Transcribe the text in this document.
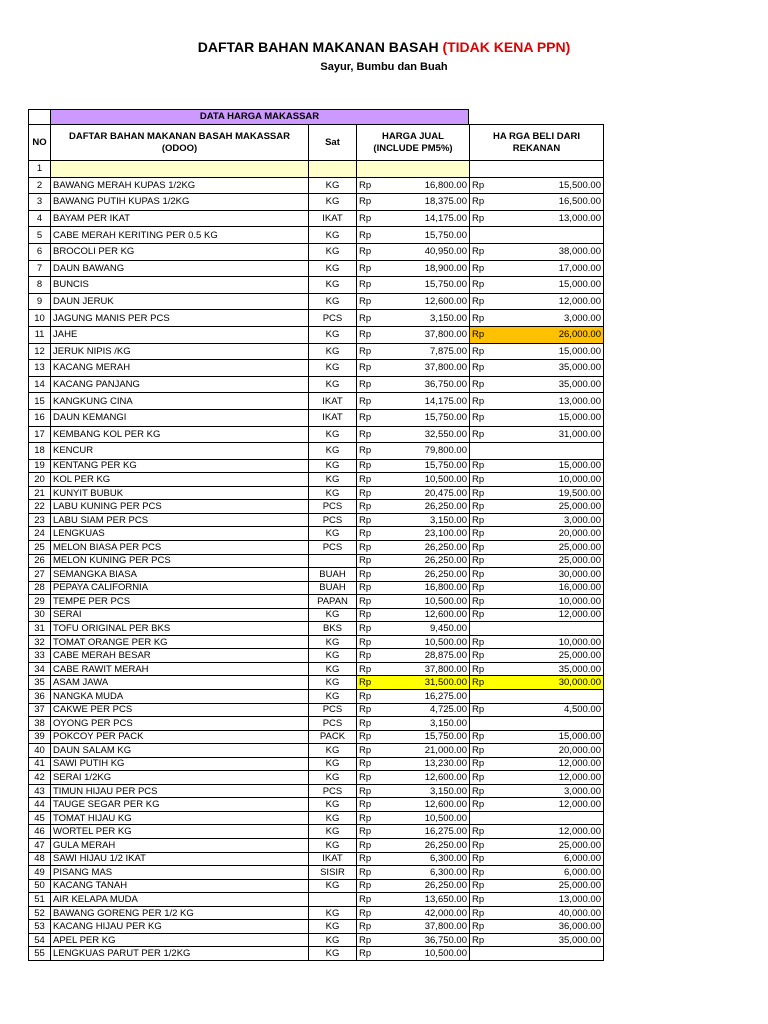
DAFTAR BAHAN MAKANAN BASAH (TIDAK KENA PPN)
Sayur, Bumbu dan Buah
DATA HARGA MAKASSAR
NO	DAFTAR BAHAN MAKANAN BASAH MAKASSAR (ODOO)	Sat	HARGA JUAL (INCLUDE PM5%)		HA RGA BELI DARI REKANAN	
1						
2	BAWANG MERAH KUPAS 1/2KG	KG	Rp	16,800.00	Rp	15,500.00
3	BAWANG PUTIH KUPAS 1/2KG	KG	Rp	18,375.00	Rp	16,500.00
4	BAYAM PER IKAT	IKAT	Rp	14,175.00	Rp	13,000.00
5	CABE MERAH KERITING PER 0.5 KG	KG	Rp	15,750.00		
6	BROCOLI PER KG	KG	Rp	40,950.00	Rp	38,000.00
7	DAUN BAWANG	KG	Rp	18,900.00	Rp	17,000.00
8	BUNCIS	KG	Rp	15,750.00	Rp	15,000.00
9	DAUN JERUK	KG	Rp	12,600.00	Rp	12,000.00
10	JAGUNG MANIS PER PCS	PCS	Rp	3,150.00	Rp	3,000.00
11	JAHE	KG	Rp	37,800.00	Rp	26,000.00
12	JERUK NIPIS /KG	KG	Rp	7,875.00	Rp	15,000.00
13	KACANG MERAH	KG	Rp	37,800.00	Rp	35,000.00
14	KACANG PANJANG	KG	Rp	36,750.00	Rp	35,000.00
15	KANGKUNG CINA	IKAT	Rp	14,175.00	Rp	13,000.00
16	DAUN KEMANGI	IKAT	Rp	15,750.00	Rp	15,000.00
17	KEMBANG KOL PER KG	KG	Rp	32,550.00	Rp	31,000.00
18	KENCUR	KG	Rp	79,800.00		
19	KENTANG PER KG	KG	Rp	15,750.00	Rp	15,000.00
20	KOL PER KG	KG	Rp	10,500.00	Rp	10,000.00
21	KUNYIT BUBUK	KG	Rp	20,475.00	Rp	19,500.00
22	LABU KUNING PER PCS	PCS	Rp	26,250.00	Rp	25,000.00
23	LABU SIAM PER PCS	PCS	Rp	3,150.00	Rp	3,000.00
24	LENGKUAS	KG	Rp	23,100.00	Rp	20,000.00
25	MELON BIASA PER PCS	PCS	Rp	26,250.00	Rp	25,000.00
26	MELON KUNING PER PCS		Rp	26,250.00	Rp	25,000.00
27	SEMANGKA BIASA	BUAH	Rp	26,250.00	Rp	30,000.00
28	PEPAYA CALIFORNIA	BUAH	Rp	16,800.00	Rp	16,000.00
29	TEMPE PER PCS	PAPAN	Rp	10,500.00	Rp	10,000.00
30	SERAI	KG	Rp	12,600.00	Rp	12,000.00
31	TOFU ORIGINAL PER BKS	BKS	Rp	9,450.00		
32	TOMAT ORANGE PER KG	KG	Rp	10,500.00	Rp	10,000.00
33	CABE MERAH BESAR	KG	Rp	28,875.00	Rp	25,000.00
34	CABE RAWIT MERAH	KG	Rp	37,800.00	Rp	35,000.00
35	ASAM JAWA	KG	Rp	31,500.00	Rp	30,000.00
36	NANGKA MUDA	KG	Rp	16,275.00		
37	CAKWE PER PCS	PCS	Rp	4,725.00	Rp	4,500.00
38	OYONG PER PCS	PCS	Rp	3,150.00		
39	POKCOY PER PACK	PACK	Rp	15,750.00	Rp	15,000.00
40	DAUN SALAM KG	KG	Rp	21,000.00	Rp	20,000.00
41	SAWI PUTIH KG	KG	Rp	13,230.00	Rp	12,000.00
42	SERAI 1/2KG	KG	Rp	12,600.00	Rp	12,000.00
43	TIMUN HIJAU PER PCS	PCS	Rp	3,150.00	Rp	3,000.00
44	TAUGE SEGAR PER KG	KG	Rp	12,600.00	Rp	12,000.00
45	TOMAT HIJAU KG	KG	Rp	10,500.00		
46	WORTEL PER KG	KG	Rp	16,275.00	Rp	12,000.00
47	GULA MERAH	KG	Rp	26,250.00	Rp	25,000.00
48	SAWI HIJAU 1/2 IKAT	IKAT	Rp	6,300.00	Rp	6,000.00
49	PISANG MAS	SISIR	Rp	6,300.00	Rp	6,000.00
50	KACANG TANAH	KG	Rp	26,250.00	Rp	25,000.00
51	AIR KELAPA MUDA		Rp	13,650.00	Rp	13,000.00
52	BAWANG GORENG PER 1/2 KG	KG	Rp	42,000.00	Rp	40,000.00
53	KACANG HIJAU PER KG	KG	Rp	37,800.00	Rp	36,000.00
54	APEL PER KG	KG	Rp	36,750.00	Rp	35,000.00
55	LENGKUAS PARUT PER 1/2KG	KG	Rp	10,500.00		
